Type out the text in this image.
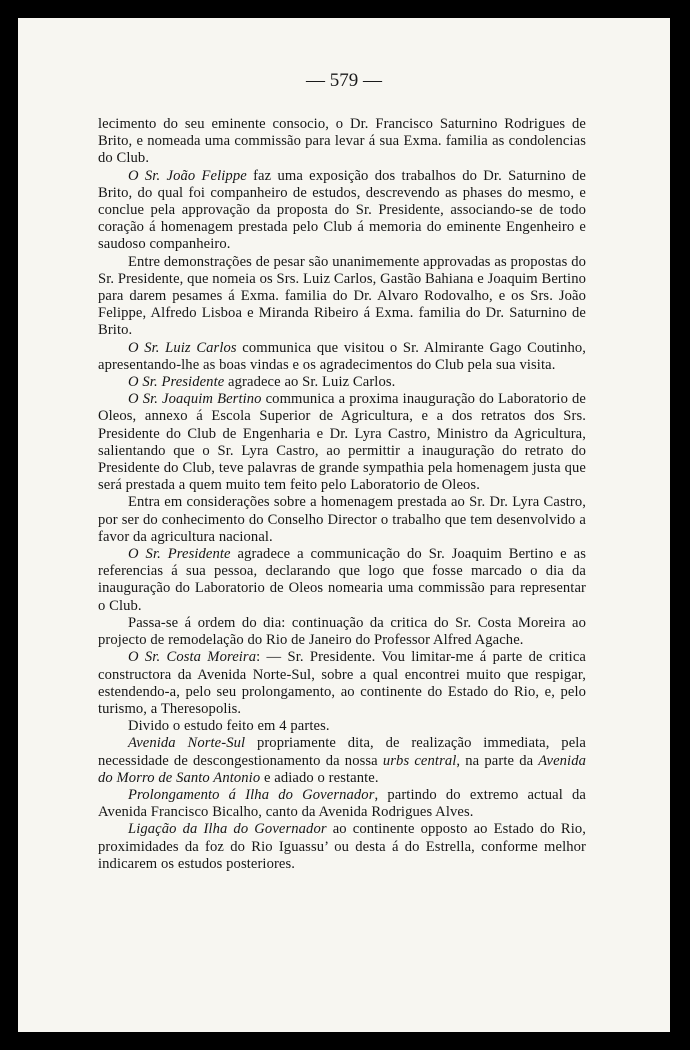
— 579 —

lecimento do seu eminente consocio, o Dr. Francisco Saturnino Rodrigues de Brito, e nomeada uma commissão para levar á sua Exma. familia as condolencias do Club.

O Sr. João Felippe faz uma exposição dos trabalhos do Dr. Saturnino de Brito, do qual foi companheiro de estudos, descrevendo as phases do mesmo, e conclue pela approvação da proposta do Sr. Presidente, associando-se de todo coração á homenagem prestada pelo Club á memoria do eminente Engenheiro e saudoso companheiro.

Entre demonstrações de pesar são unanimemente approvadas as propostas do Sr. Presidente, que nomeia os Srs. Luiz Carlos, Gastão Bahiana e Joaquim Bertino para darem pesames á Exma. familia do Dr. Alvaro Rodovalho, e os Srs. João Felippe, Alfredo Lisboa e Miranda Ribeiro á Exma. familia do Dr. Saturnino de Brito.

O Sr. Luiz Carlos communica que visitou o Sr. Almirante Gago Coutinho, apresentando-lhe as boas vindas e os agradecimentos do Club pela sua visita.

O Sr. Presidente agradece ao Sr. Luiz Carlos.

O Sr. Joaquim Bertino communica a proxima inauguração do Laboratorio de Oleos, annexo á Escola Superior de Agricultura, e a dos retratos dos Srs. Presidente do Club de Engenharia e Dr. Lyra Castro, Ministro da Agricultura, salientando que o Sr. Lyra Castro, ao permittir a inauguração do retrato do Presidente do Club, teve palavras de grande sympathia pela homenagem justa que será prestada a quem muito tem feito pelo Laboratorio de Oleos.

Entra em considerações sobre a homenagem prestada ao Sr. Dr. Lyra Castro, por ser do conhecimento do Conselho Director o trabalho que tem desenvolvido a favor da agricultura nacional.

O Sr. Presidente agradece a communicação do Sr. Joaquim Bertino e as referencias á sua pessoa, declarando que logo que fosse marcado o dia da inauguração do Laboratorio de Oleos nomearia uma commissão para representar o Club.

Passa-se á ordem do dia: continuação da critica do Sr. Costa Moreira ao projecto de remodelação do Rio de Janeiro do Professor Alfred Agache.

O Sr. Costa Moreira: — Sr. Presidente. Vou limitar-me á parte de critica constructora da Avenida Norte-Sul, sobre a qual encontrei muito que respigar, estendendo-a, pelo seu prolongamento, ao continente do Estado do Rio, e, pelo turismo, a Theresopolis.

Divido o estudo feito em 4 partes.

Avenida Norte-Sul propriamente dita, de realização immediata, pela necessidade de descongestionamento da nossa urbs central, na parte da Avenida do Morro de Santo Antonio e adiado o restante.

Prolongamento á Ilha do Governador, partindo do extremo actual da Avenida Francisco Bicalho, canto da Avenida Rodrigues Alves.

Ligação da Ilha do Governador ao continente opposto ao Estado do Rio, proximidades da foz do Rio Iguassu’ ou desta á do Estrella, conforme melhor indicarem os estudos posteriores.
